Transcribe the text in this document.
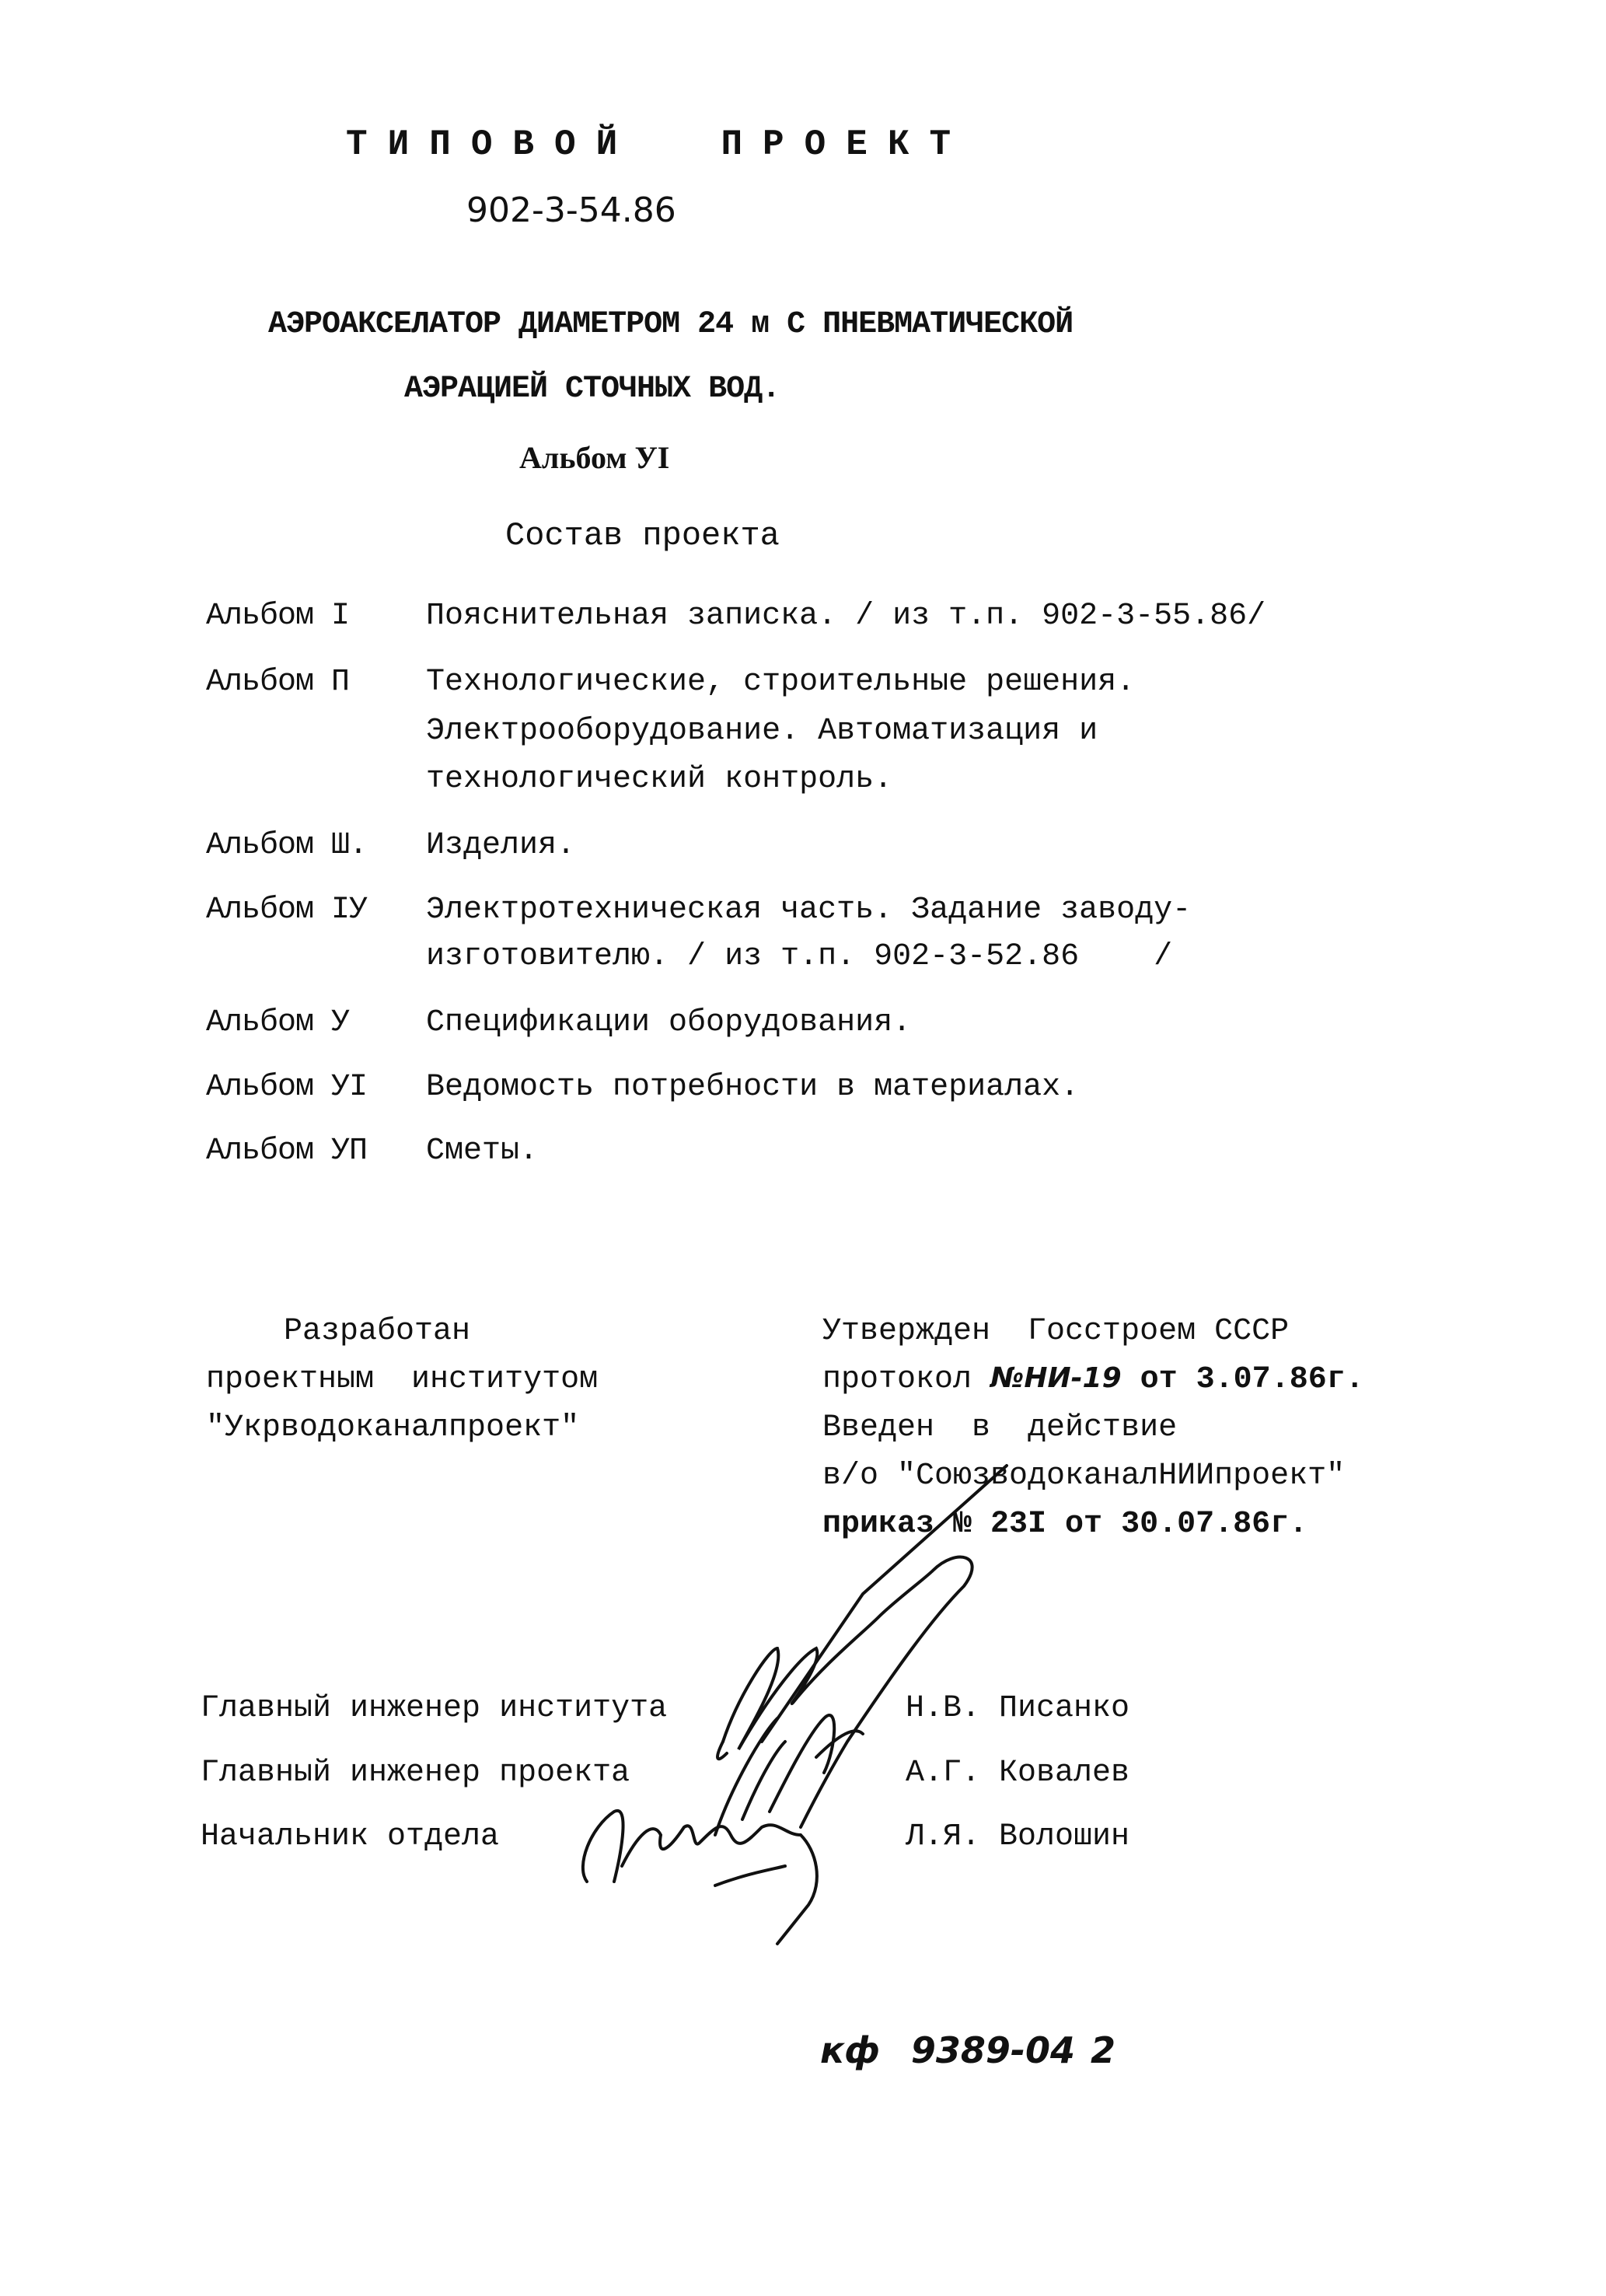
ТИПОВОЙ  ПРОЕКТ
902-3-54.86
АЭРОАКСЕЛАТОР ДИАМЕТРОМ 24 м С ПНЕВМАТИЧЕСКОЙ
АЭРАЦИЕЙ СТОЧНЫХ ВОД.
Альбом УI
Состав проекта
Альбом I Пояснительная записка. / из т.п. 902-3-55.86/
Альбом П Технологические, строительные решения.
Электрооборудование. Автоматизация и
технологический контроль.
Альбом Ш. Изделия.
Альбом IУ Электротехническая часть. Задание заводу-
изготовителю. / из т.п. 902-3-52.86    /
Альбом У Спецификации оборудования.
Альбом УI Ведомость потребности в материалах.
Альбом УП Сметы.
Разработан
проектным  институтом
"Укрводоканалпроект"
Утвержден  Госстроем СССР
протокол №НИ-19 от 3.07.86г.
Введен  в  действие
в/о "СоюзводоканалНИИпроект"
приказ № 23I от 30.07.86г.
Главный инженер института	Н.В. Писанко
Главный инженер проекта	А.Г. Ковалев
Начальник отдела	Л.Я. Волошин
кф 9389-04 2
